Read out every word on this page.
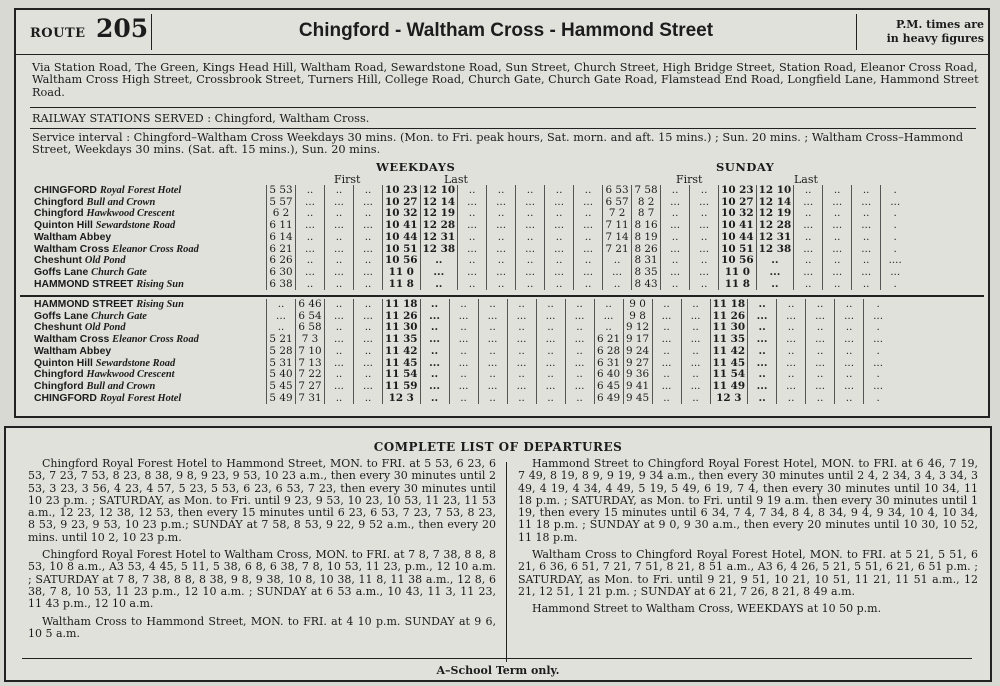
ROUTE 205	Chingford - Waltham Cross - Hammond Street	P.M. times are
in heavy figures
Via Station Road, The Green, Kings Head Hill, Waltham Road, Sewardstone Road, Sun Street, Church Street, High Bridge Street, Station Road, Eleanor Cross Road, Waltham Cross High Street, Crossbrook Street, Turners Hill, College Road, Church Gate, Church Gate Road, Flamstead End Road, Longfield Lane, Hammond Street Road.
RAILWAY STATIONS SERVED : Chingford, Waltham Cross.
Service interval : Chingford–Waltham Cross Weekdays 30 mins. (Mon. to Fri. peak hours, Sat. morn. and aft. 15 mins.) ; Sun. 20 mins. ; Waltham Cross–Hammond Street, Weekdays 30 mins. (Sat. aft. 15 mins.), Sun. 20 mins.
WEEKDAYS	SUNDAY
First	Last	First	Last
CHINGFORD Royal Forest Hotel	5 53	..	..	..	10 23	12 10	..	..	..	..	..	6 53	7 58	..	..	10 23	12 10	..	..	..	.
Chingford Bull and Crown	5 57	...	...	...	10 27	12 14	...	...	...	...	...	6 57	8 2	...	...	10 27	12 14	...	...	...	...
Chingford Hawkwood Crescent	6 2	..	..	..	10 32	12 19	..	..	..	..	..	7 2	8 7	..	..	10 32	12 19	..	..	..	.
Quinton Hill Sewardstone Road	6 11	...	...	...	10 41	12 28	...	...	...	...	...	7 11	8 16	...	...	10 41	12 28	...	...	...	.
Waltham Abbey	6 14	..	..	..	10 44	12 31	..	..	..	..	..	7 14	8 19	..	..	10 44	12 31	..	..	..	.
Waltham Cross Eleanor Cross Road	6 21	...	...	...	10 51	12 38	...	...	...	...	...	7 21	8 26	...	...	10 51	12 38	...	...	...	.
Cheshunt Old Pond	6 26	..	..	..	10 56	..	..	..	..	..	..	..	8 31	..	..	10 56	..	..	..	..	....
Goffs Lane Church Gate	6 30	...	...	...	11 0	...	...	...	...	...	...	...	8 35	...	...	11 0	...	...	...	...	...
HAMMOND STREET Rising Sun	6 38	..	..	..	11 8	..	..	..	..	..	..	..	8 43	..	..	11 8	..	..	..	..	.
HAMMOND STREET Rising Sun	..	6 46	..	..	11 18	..	..	..	..	..	..	..	9 0	..	..	11 18	..	..	..	..	.
Goffs Lane Church Gate	...	6 54	...	...	11 26	...	...	...	...	...	...	...	9 8	...	...	11 26	...	...	...	...	...
Cheshunt Old Pond	..	6 58	..	..	11 30	..	..	..	..	..	..	..	9 12	..	..	11 30	..	..	..	..	.
Waltham Cross Eleanor Cross Road	5 21	7 3	...	...	11 35	...	...	...	...	...	...	6 21	9 17	...	...	11 35	...	...	...	...	...
Waltham Abbey	5 28	7 10	..	..	11 42	..	..	..	..	..	..	6 28	9 24	..	..	11 42	..	..	..	..	.
Quinton Hill Sewardstone Road	5 31	7 13	...	...	11 45	...	...	...	...	...	...	6 31	9 27	...	...	11 45	...	...	...	...	...
Chingford Hawkwood Crescent	5 40	7 22	..	..	11 54	..	..	..	..	..	..	6 40	9 36	..	..	11 54	..	..	..	..	.
Chingford Bull and Crown	5 45	7 27	...	...	11 59	...	...	...	...	...	...	6 45	9 41	...	...	11 49	...	...	...	...	...
CHINGFORD Royal Forest Hotel	5 49	7 31	..	..	12 3	..	..	..	..	..	..	6 49	9 45	..	..	12 3	..	..	..	..	.
COMPLETE LIST OF DEPARTURES

Chingford Royal Forest Hotel to Hammond Street, MON. to FRI. at 5 53, 6 23, 6 53, 7 23, 7 53, 8 23, 8 38, 9 8, 9 23, 9 53, 10 23 a.m., then every 30 minutes until 2 53, 3 23, 3 56, 4 23, 4 57, 5 23, 5 53, 6 23, 6 53, 7 23, then every 30 minutes until 10 23 p.m. ; SATURDAY, as Mon. to Fri. until 9 23, 9 53, 10 23, 10 53, 11 23, 11 53 a.m., 12 23, 12 38, 12 53, then every 15 minutes until 6 23, 6 53, 7 23, 7 53, 8 23, 8 53, 9 23, 9 53, 10 23 p.m.; SUNDAY at 7 58, 8 53, 9 22, 9 52 a.m., then every 20 mins. until 10 2, 10 23 p.m.

Chingford Royal Forest Hotel to Waltham Cross, MON. to FRI. at 7 8, 7 38, 8 8, 8 53, 10 8 a.m., A3 53, 4 45, 5 11, 5 38, 6 8, 6 38, 7 8, 10 53, 11 23, p.m., 12 10 a.m. ; SATURDAY at 7 8, 7 38, 8 8, 8 38, 9 8, 9 38, 10 8, 10 38, 11 8, 11 38 a.m., 12 8, 6 38, 7 8, 10 53, 11 23 p.m., 12 10 a.m. ; SUNDAY at 6 53 a.m., 10 43, 11 3, 11 23, 11 43 p.m., 12 10 a.m.

Waltham Cross to Hammond Street, MON. to FRI. at 4 10 p.m. SUNDAY at 9 6, 10 5 a.m.

Hammond Street to Chingford Royal Forest Hotel, MON. to FRI. at 6 46, 7 19, 7 49, 8 19, 8 9, 9 19, 9 34 a.m., then every 30 minutes until 2 4, 2 34, 3 4, 3 34, 3 49, 4 19, 4 34, 4 49, 5 19, 5 49, 6 19, 7 4, then every 30 minutes until 10 34, 11 18 p.m. ; SATURDAY, as Mon. to Fri. until 9 19 a.m. then every 30 minutes until 1 19, then every 15 minutes until 6 34, 7 4, 7 34, 8 4, 8 34, 9 4, 9 34, 10 4, 10 34, 11 18 p.m. ; SUNDAY at 9 0, 9 30 a.m., then every 20 minutes until 10 30, 10 52, 11 18 p.m.

Waltham Cross to Chingford Royal Forest Hotel, MON. to FRI. at 5 21, 5 51, 6 21, 6 36, 6 51, 7 21, 7 51, 8 21, 8 51 a.m., A3 6, 4 26, 5 21, 5 51, 6 21, 6 51 p.m. ; SATURDAY, as Mon. to Fri. until 9 21, 9 51, 10 21, 10 51, 11 21, 11 51 a.m., 12 21, 12 51, 1 21 p.m. ; SUNDAY at 6 21, 7 26, 8 21, 8 49 a.m.

Hammond Street to Waltham Cross, WEEKDAYS at 10 50 p.m.

A–School Term only.
